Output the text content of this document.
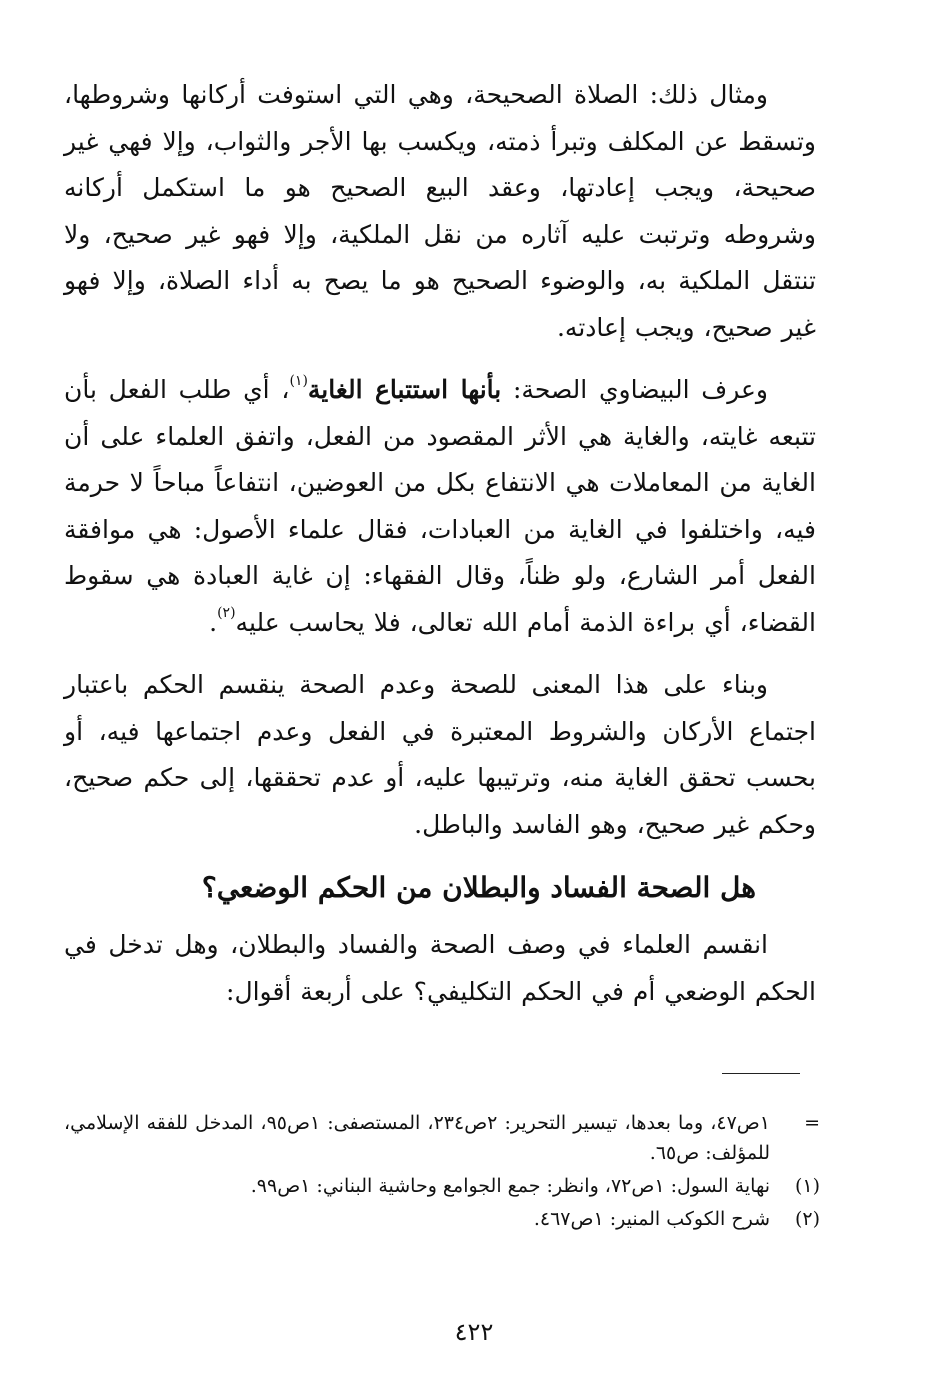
ومثال ذلك: الصلاة الصحيحة، وهي التي استوفت أركانها وشروطها، وتسقط عن المكلف وتبرأ ذمته، ويكسب بها الأجر والثواب، وإلا فهي غير صحيحة، ويجب إعادتها، وعقد البيع الصحيح هو ما استكمل أركانه وشروطه وترتبت عليه آثاره من نقل الملكية، وإلا فهو غير صحيح، ولا تنتقل الملكية به، والوضوء الصحيح هو ما يصح به أداء الصلاة، وإلا فهو غير صحيح، ويجب إعادته.

وعرف البيضاوي الصحة: بأنها استتباع الغاية$^{(١)}$، أي طلب الفعل بأن تتبعه غايته، والغاية هي الأثر المقصود من الفعل، واتفق العلماء على أن الغاية من المعاملات هي الانتفاع بكل من العوضين، انتفاعاً مباحاً لا حرمة فيه، واختلفوا في الغاية من العبادات، فقال علماء الأصول: هي موافقة الفعل أمر الشارع، ولو ظناً، وقال الفقهاء: إن غاية العبادة هي سقوط القضاء، أي براءة الذمة أمام الله تعالى، فلا يحاسب عليه$^{(٢)}$.

وبناء على هذا المعنى للصحة وعدم الصحة ينقسم الحكم باعتبار اجتماع الأركان والشروط المعتبرة في الفعل وعدم اجتماعها فيه، أو بحسب تحقق الغاية منه، وترتيبها عليه، أو عدم تحققها، إلى حكم صحيح، وحكم غير صحيح، وهو الفاسد والباطل.

هل الصحة الفساد والبطلان من الحكم الوضعي؟

انقسم العلماء في وصف الصحة والفساد والبطلان، وهل تدخل في الحكم الوضعي أم في الحكم التكليفي؟ على أربعة أقوال:

=
١ص٤٧، وما بعدها، تيسير التحرير: ٢ص٢٣٤، المستصفى: ١ص٩٥، المدخل للفقه الإسلامي، للمؤلف: ص٦٥.
(١)
نهاية السول: ١ص٧٢، وانظر: جمع الجوامع وحاشية البناني: ١ص٩٩.
(٢)
شرح الكوكب المنير: ١ص٤٦٧.
٤٢٢
